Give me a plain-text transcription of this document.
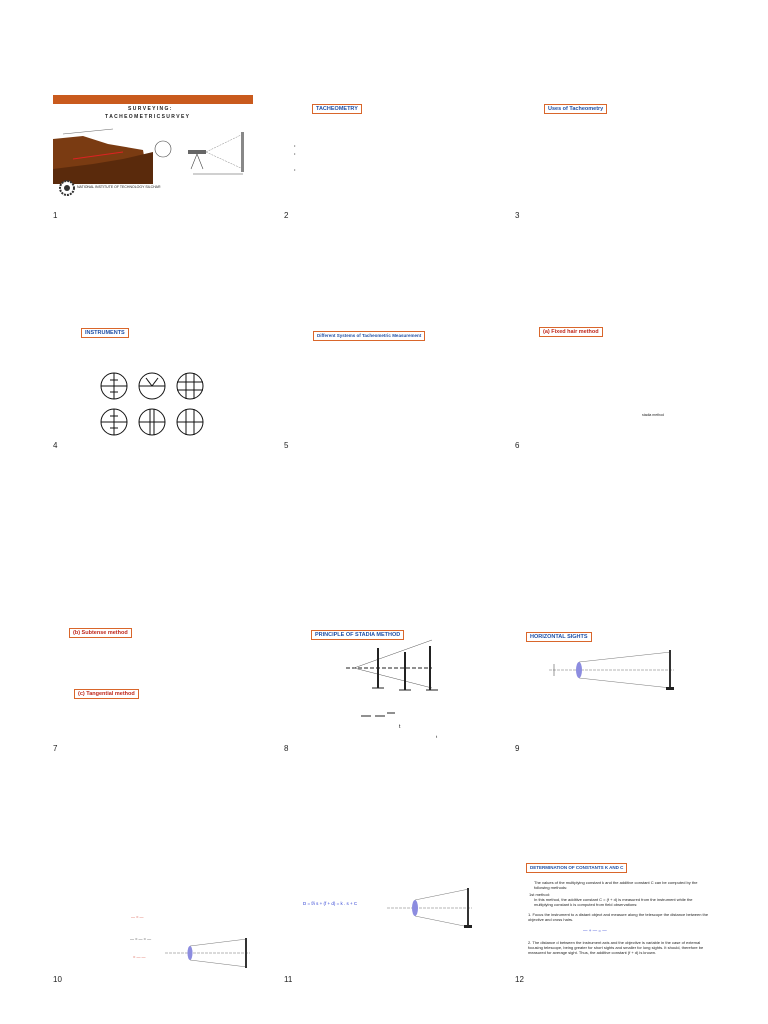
S U R V E Y I N G :
T A C H E O M E T R I C S U R V E Y
NATIONAL INSTITUTE OF TECHNOLOGY SILCHAR
1
TACHEOMETRY
•
•

•
2
Uses of Tacheometry
3
INSTRUMENTS
4
Different Systems of Tacheometric Measurement
5
(a) Fixed hair method
stadia method
6
(b) Subtense method
(c) Tangential method
7
PRINCIPLE OF STADIA METHOD
t
t
8
HORIZONTAL SIGHTS
9
— = —
— = — = —
= — —
10
D = f/i s + (f + d) = k . s + C
11
DETERMINATION OF CONSTANTS K AND C
The values of the multiplying constant k and the additive constant C can be computed by the following methods:
1st method:
In this method, the additive constant C = (f + d) is measured from the instrument while the multiplying constant k is computed from field observations:
1. Focus the instrument to a distant object and measure along the telescope the distance between the objective and cross hairs.
— + — = —
2. The distance d between the instrument axis and the objective is variable in the case of external focusing telescope, being greater for short sights and smaller for long sights. It should, therefore be measured for average sight. Thus, the additive constant (f + d) is known.
12
